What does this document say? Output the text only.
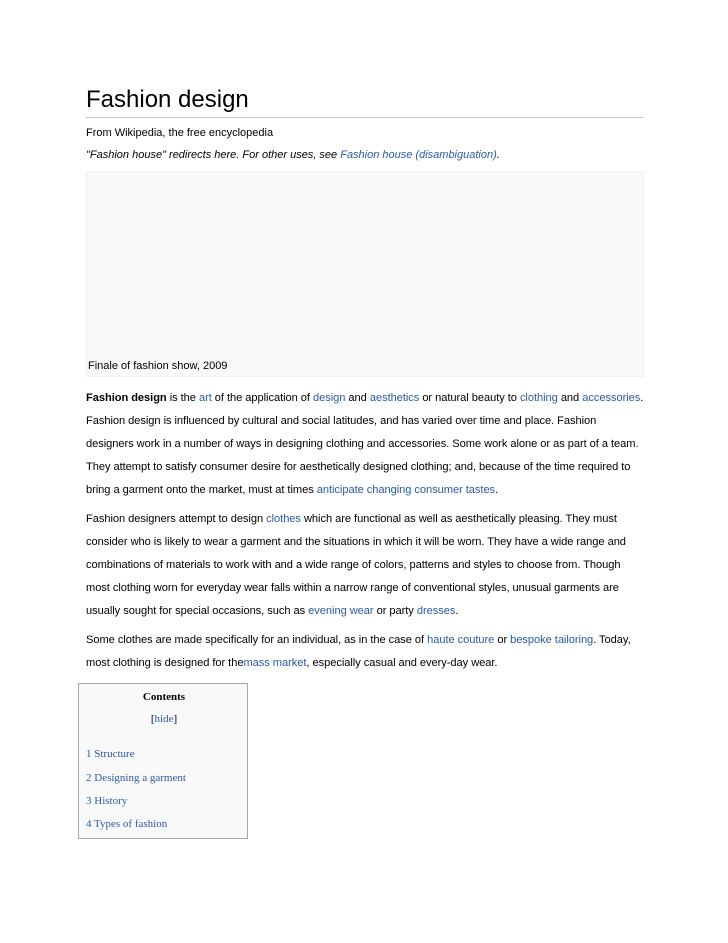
Fashion design
From Wikipedia, the free encyclopedia
"Fashion house" redirects here. For other uses, see Fashion house (disambiguation).
Finale of fashion show, 2009

Fashion design is the art of the application of design and aesthetics or natural beauty to clothing and accessories. Fashion design is influenced by cultural and social latitudes, and has varied over time and place. Fashion designers work in a number of ways in designing clothing and accessories. Some work alone or as part of a team. They attempt to satisfy consumer desire for aesthetically designed clothing; and, because of the time required to bring a garment onto the market, must at times anticipate changing consumer tastes.

Fashion designers attempt to design clothes which are functional as well as aesthetically pleasing. They must consider who is likely to wear a garment and the situations in which it will be worn. They have a wide range and combinations of materials to work with and a wide range of colors, patterns and styles to choose from. Though most clothing worn for everyday wear falls within a narrow range of conventional styles, unusual garments are usually sought for special occasions, such as evening wear or party dresses.

Some clothes are made specifically for an individual, as in the case of haute couture or bespoke tailoring. Today, most clothing is designed for themass market, especially casual and every-day wear.

Contents
[hide]
1 Structure
2 Designing a garment
3 History
4 Types of fashion
